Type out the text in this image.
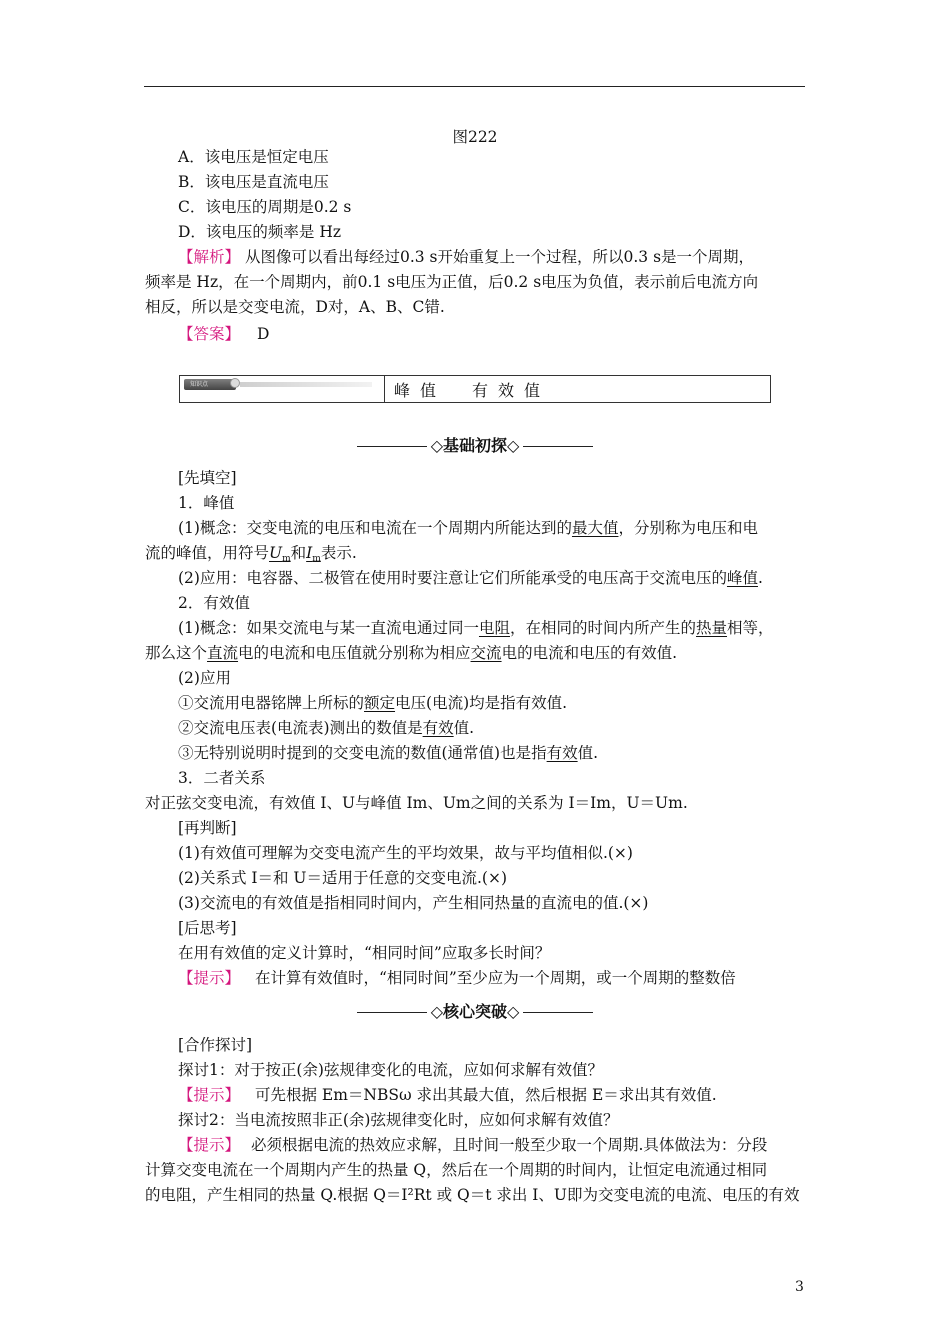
图222
A．该电压是恒定电压
B．该电压是直流电压
C．该电压的周期是0.2 s
D．该电压的频率是 Hz
【解析】 从图像可以看出每经过0.3 s开始重复上一个过程，所以0.3 s是一个周期，
频率是 Hz，在一个周期内，前0.1 s电压为正值，后0.2 s电压为负值，表示前后电流方向
相反，所以是交变电流，D对，A、B、C错.
【答案】 D
知识点	峰值　有效值
◇基础初探◇
[先填空]
1．峰值
(1)概念：交变电流的电压和电流在一个周期内所能达到的最大值，分别称为电压和电
流的峰值，用符号$U_m$和$I_m$表示.
(2)应用：电容器、二极管在使用时要注意让它们所能承受的电压高于交流电压的峰值.
2．有效值
(1)概念：如果交流电与某一直流电通过同一电阻，在相同的时间内所产生的热量相等，
那么这个直流电的电流和电压值就分别称为相应交流电的电流和电压的有效值.
(2)应用
①交流用电器铭牌上所标的额定电压(电流)均是指有效值.
②交流电压表(电流表)测出的数值是有效值.
③无特别说明时提到的交变电流的数值(通常值)也是指有效值.
3．二者关系
对正弦交变电流，有效值 I、U与峰值 Im、Um之间的关系为 I＝Im，U＝Um.
[再判断]
(1)有效值可理解为交变电流产生的平均效果，故与平均值相似.(×)
(2)关系式 I＝和 U＝适用于任意的交变电流.(×)
(3)交流电的有效值是指相同时间内，产生相同热量的直流电的值.(×)
[后思考]
在用有效值的定义计算时，“相同时间”应取多长时间？
【提示】 在计算有效值时，“相同时间”至少应为一个周期，或一个周期的整数倍
◇核心突破◇
[合作探讨]
探讨1：对于按正(余)弦规律变化的电流，应如何求解有效值？
【提示】 可先根据 Em＝NBSω 求出其最大值，然后根据 E＝求出其有效值.
探讨2：当电流按照非正(余)弦规律变化时，应如何求解有效值？
【提示】 必须根据电流的热效应求解，且时间一般至少取一个周期.具体做法为：分段
计算交变电流在一个周期内产生的热量 Q，然后在一个周期的时间内，让恒定电流通过相同
的电阻，产生相同的热量 Q.根据 Q＝I²Rt 或 Q＝t 求出 I、U即为交变电流的电流、电压的有效
3
